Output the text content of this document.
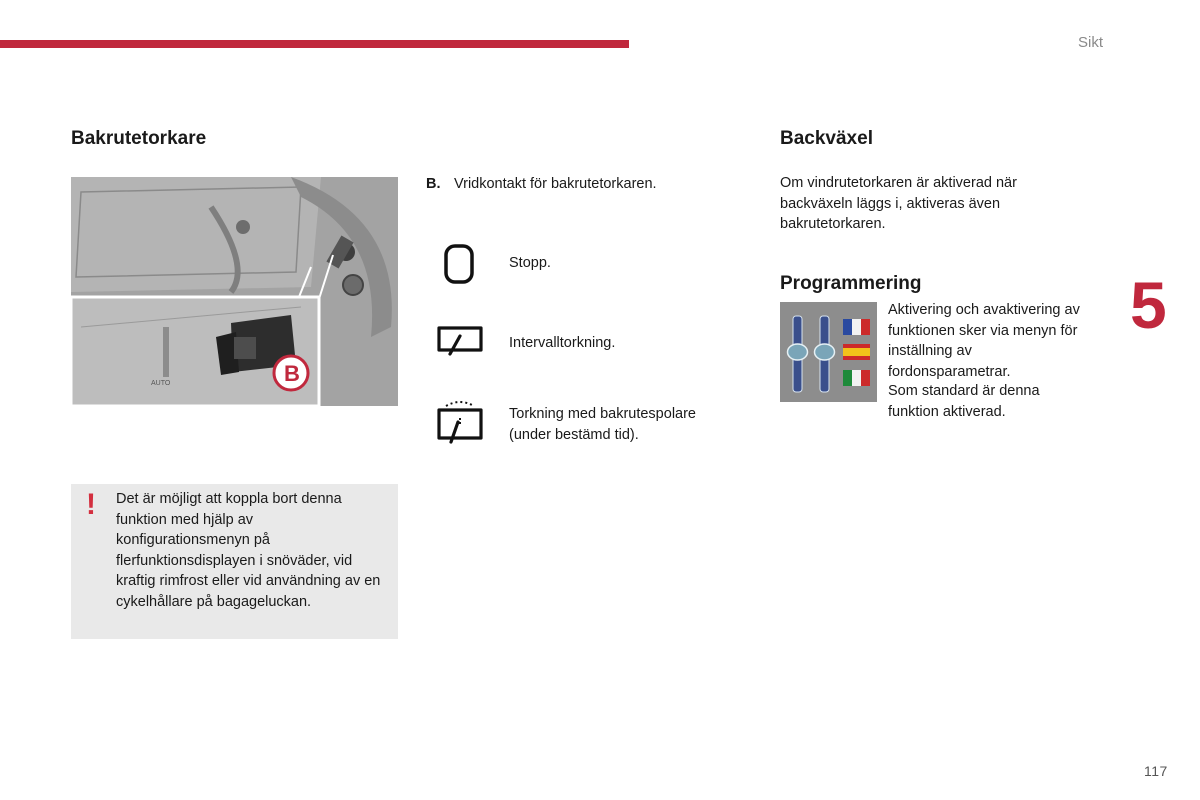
Sikt
5
117
Bakrutetorkare
AUTO	B
B. Vridkontakt för bakrutetorkaren.
Stopp.
Intervalltorkning.
Torkning med bakrutespolare (under bestämd tid).
! Det är möjligt att koppla bort denna funktion med hjälp av konfigurationsmenyn på flerfunktionsdisplayen i snöväder, vid kraftig rimfrost eller vid användning av en cykelhållare på bagageluckan.
Backväxel

Om vindrutetorkaren är aktiverad när backväxeln läggs i, aktiveras även bakrutetorkaren.

Programmering

Aktivering och avaktivering av funktionen sker via menyn för inställning av fordonsparametrar.

Som standard är denna funktion aktiverad.
